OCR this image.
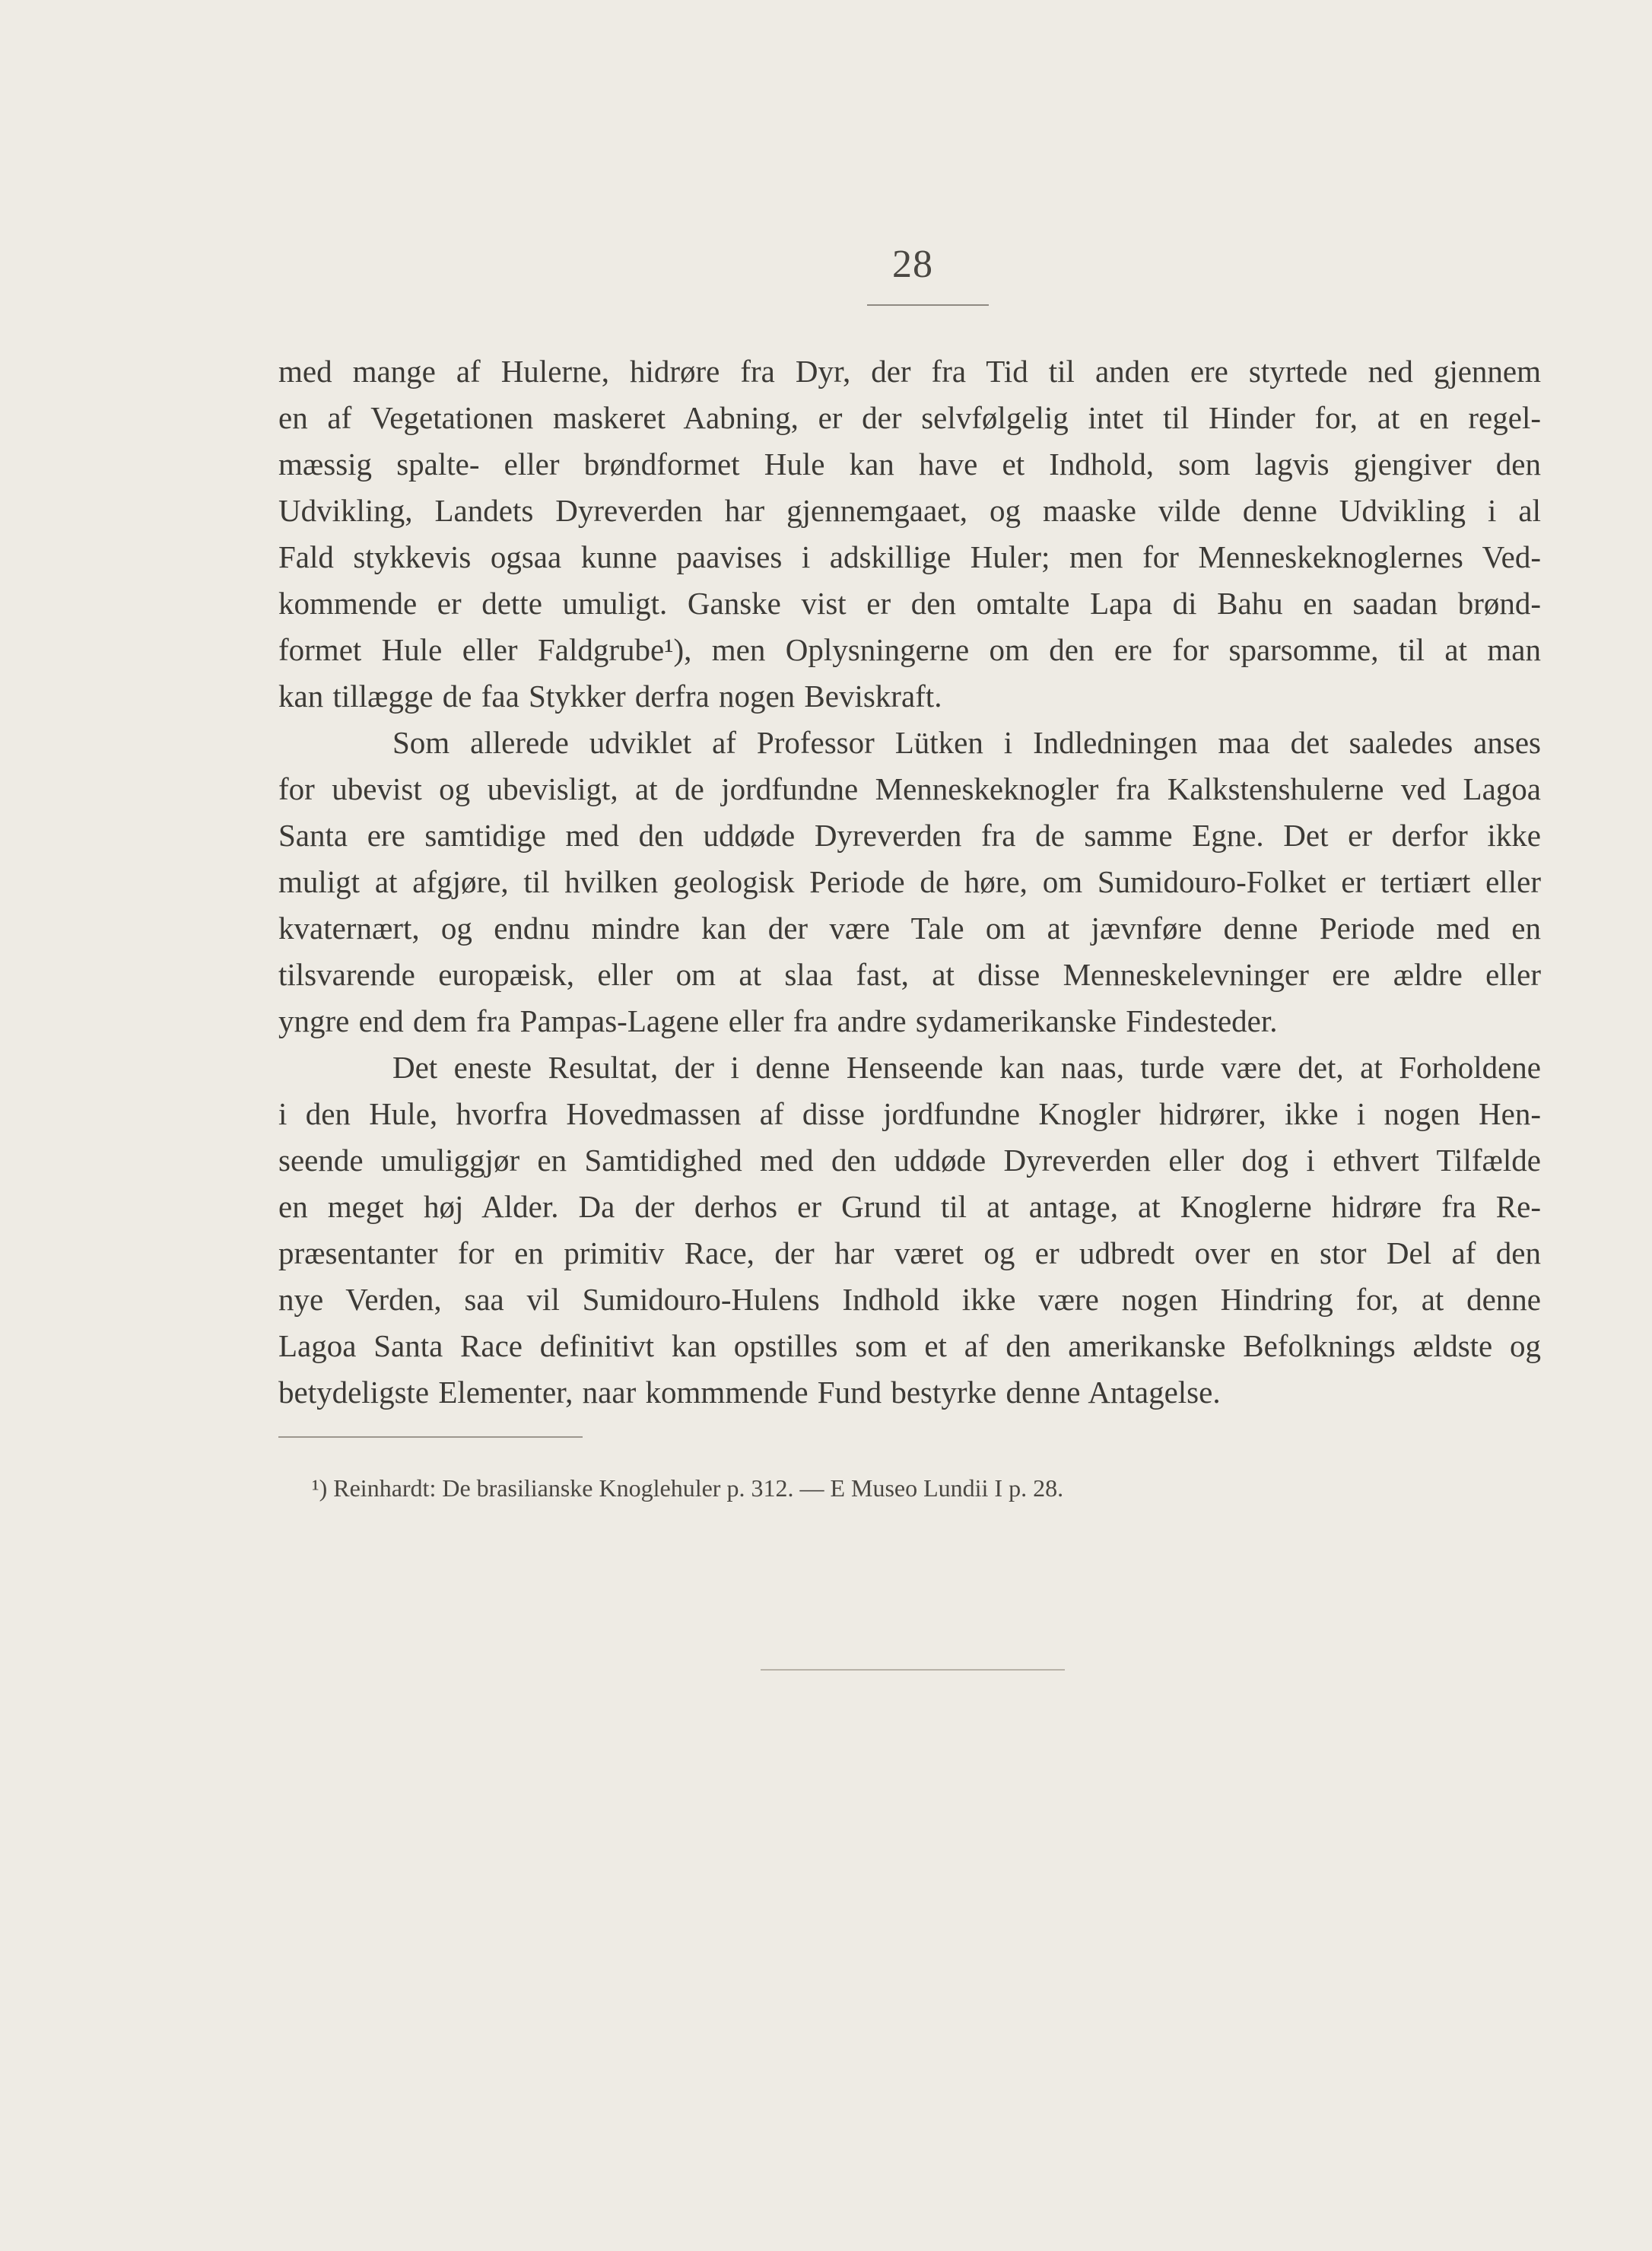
28
med mange af Hulerne, hidrøre fra Dyr, der fra Tid til anden ere styrtede ned gjennem
en af Vegetationen maskeret Aabning, er der selvfølgelig intet til Hinder for, at en regel-
mæssig spalte- eller brøndformet Hule kan have et Indhold, som lagvis gjengiver den
Udvikling, Landets Dyreverden har gjennemgaaet, og maaske vilde denne Udvikling i al
Fald stykkevis ogsaa kunne paavises i adskillige Huler; men for Menneskeknoglernes Ved-
kommende er dette umuligt. Ganske vist er den omtalte Lapa di Bahu en saadan brønd-
formet Hule eller Faldgrube¹), men Oplysningerne om den ere for sparsomme, til at man
kan tillægge de faa Stykker derfra nogen Beviskraft.
Som allerede udviklet af Professor Lütken i Indledningen maa det saaledes anses
for ubevist og ubevisligt, at de jordfundne Menneskeknogler fra Kalkstenshulerne ved Lagoa
Santa ere samtidige med den uddøde Dyreverden fra de samme Egne. Det er derfor ikke
muligt at afgjøre, til hvilken geologisk Periode de høre, om Sumidouro-Folket er tertiært eller
kvaternært, og endnu mindre kan der være Tale om at jævnføre denne Periode med en
tilsvarende europæisk, eller om at slaa fast, at disse Menneskelevninger ere ældre eller
yngre end dem fra Pampas-Lagene eller fra andre sydamerikanske Findesteder.
Det eneste Resultat, der i denne Henseende kan naas, turde være det, at Forholdene
i den Hule, hvorfra Hovedmassen af disse jordfundne Knogler hidrører, ikke i nogen Hen-
seende umuliggjør en Samtidighed med den uddøde Dyreverden eller dog i ethvert Tilfælde
en meget høj Alder. Da der derhos er Grund til at antage, at Knoglerne hidrøre fra Re-
præsentanter for en primitiv Race, der har været og er udbredt over en stor Del af den
nye Verden, saa vil Sumidouro-Hulens Indhold ikke være nogen Hindring for, at denne
Lagoa Santa Race definitivt kan opstilles som et af den amerikanske Befolknings ældste og
betydeligste Elementer, naar kommmende Fund bestyrke denne Antagelse.
¹) Reinhardt: De brasilianske Knoglehuler p. 312. — E Museo Lundii I p. 28.
